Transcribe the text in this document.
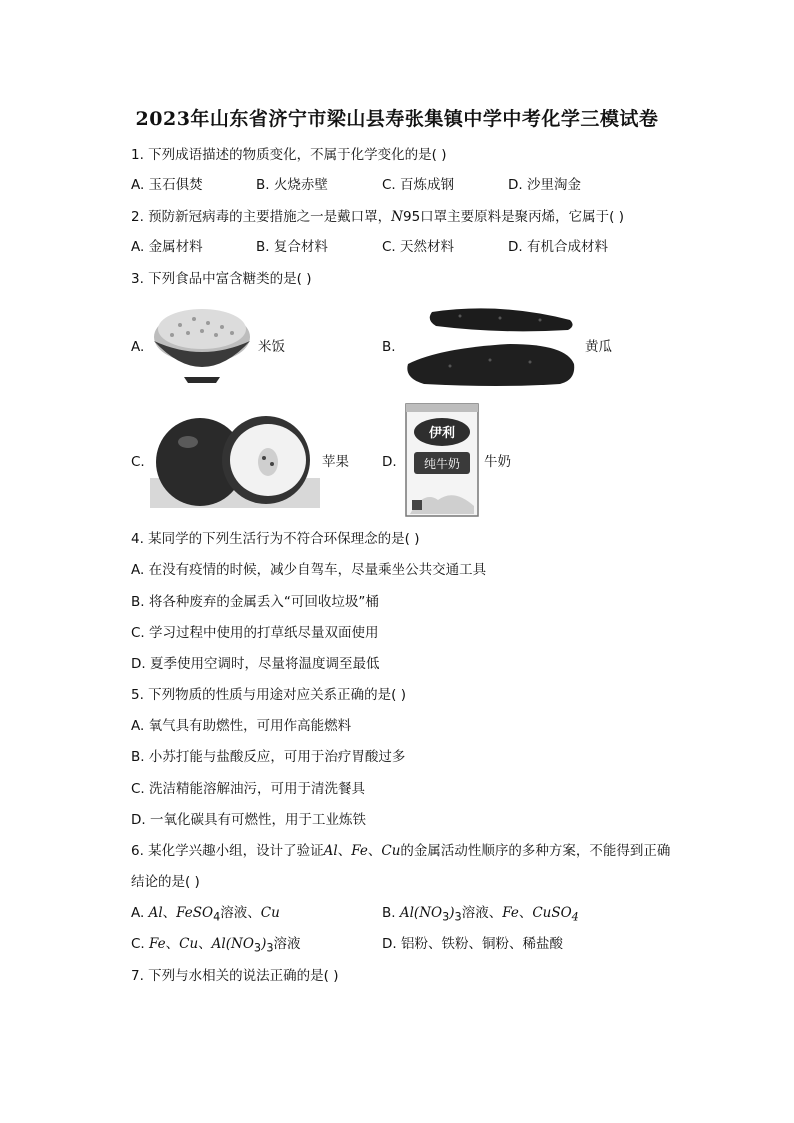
2023年山东省济宁市梁山县寿张集镇中学中考化学三模试卷
1. 下列成语描述的物质变化，不属于化学变化的是( )
A. 玉石俱焚	B. 火烧赤壁	C. 百炼成钢	D. 沙里淘金
2. 预防新冠病毒的主要措施之一是戴口罩，N95口罩主要原料是聚丙烯，它属于( )
A. 金属材料	B. 复合材料	C. 天然材料	D. 有机合成材料
3. 下列食品中富含糖类的是( )
A.	米饭	B.	黄瓜
C.	苹果 D.
伊利
纯牛奶 牛奶
4. 某同学的下列生活行为不符合环保理念的是( )
A. 在没有疫情的时候，减少自驾车，尽量乘坐公共交通工具
B. 将各种废弃的金属丢入“可回收垃圾”桶
C. 学习过程中使用的打草纸尽量双面使用
D. 夏季使用空调时，尽量将温度调至最低
5. 下列物质的性质与用途对应关系正确的是( )
A. 氧气具有助燃性，可用作高能燃料
B. 小苏打能与盐酸反应，可用于治疗胃酸过多
C. 洗洁精能溶解油污，可用于清洗餐具
D. 一氧化碳具有可燃性，用于工业炼铁
6. 某化学兴趣小组，设计了验证Al、Fe、Cu的金属活动性顺序的多种方案，不能得到正确
结论的是( )
A. Al、FeSO$_4$溶液、Cu	B. $Al(NO_3)_3$溶液、Fe、CuSO$_4$
C. Fe、Cu、$Al(NO_3)_3$溶液	D. 铝粉、铁粉、铜粉、稀盐酸
7. 下列与水相关的说法正确的是( )
